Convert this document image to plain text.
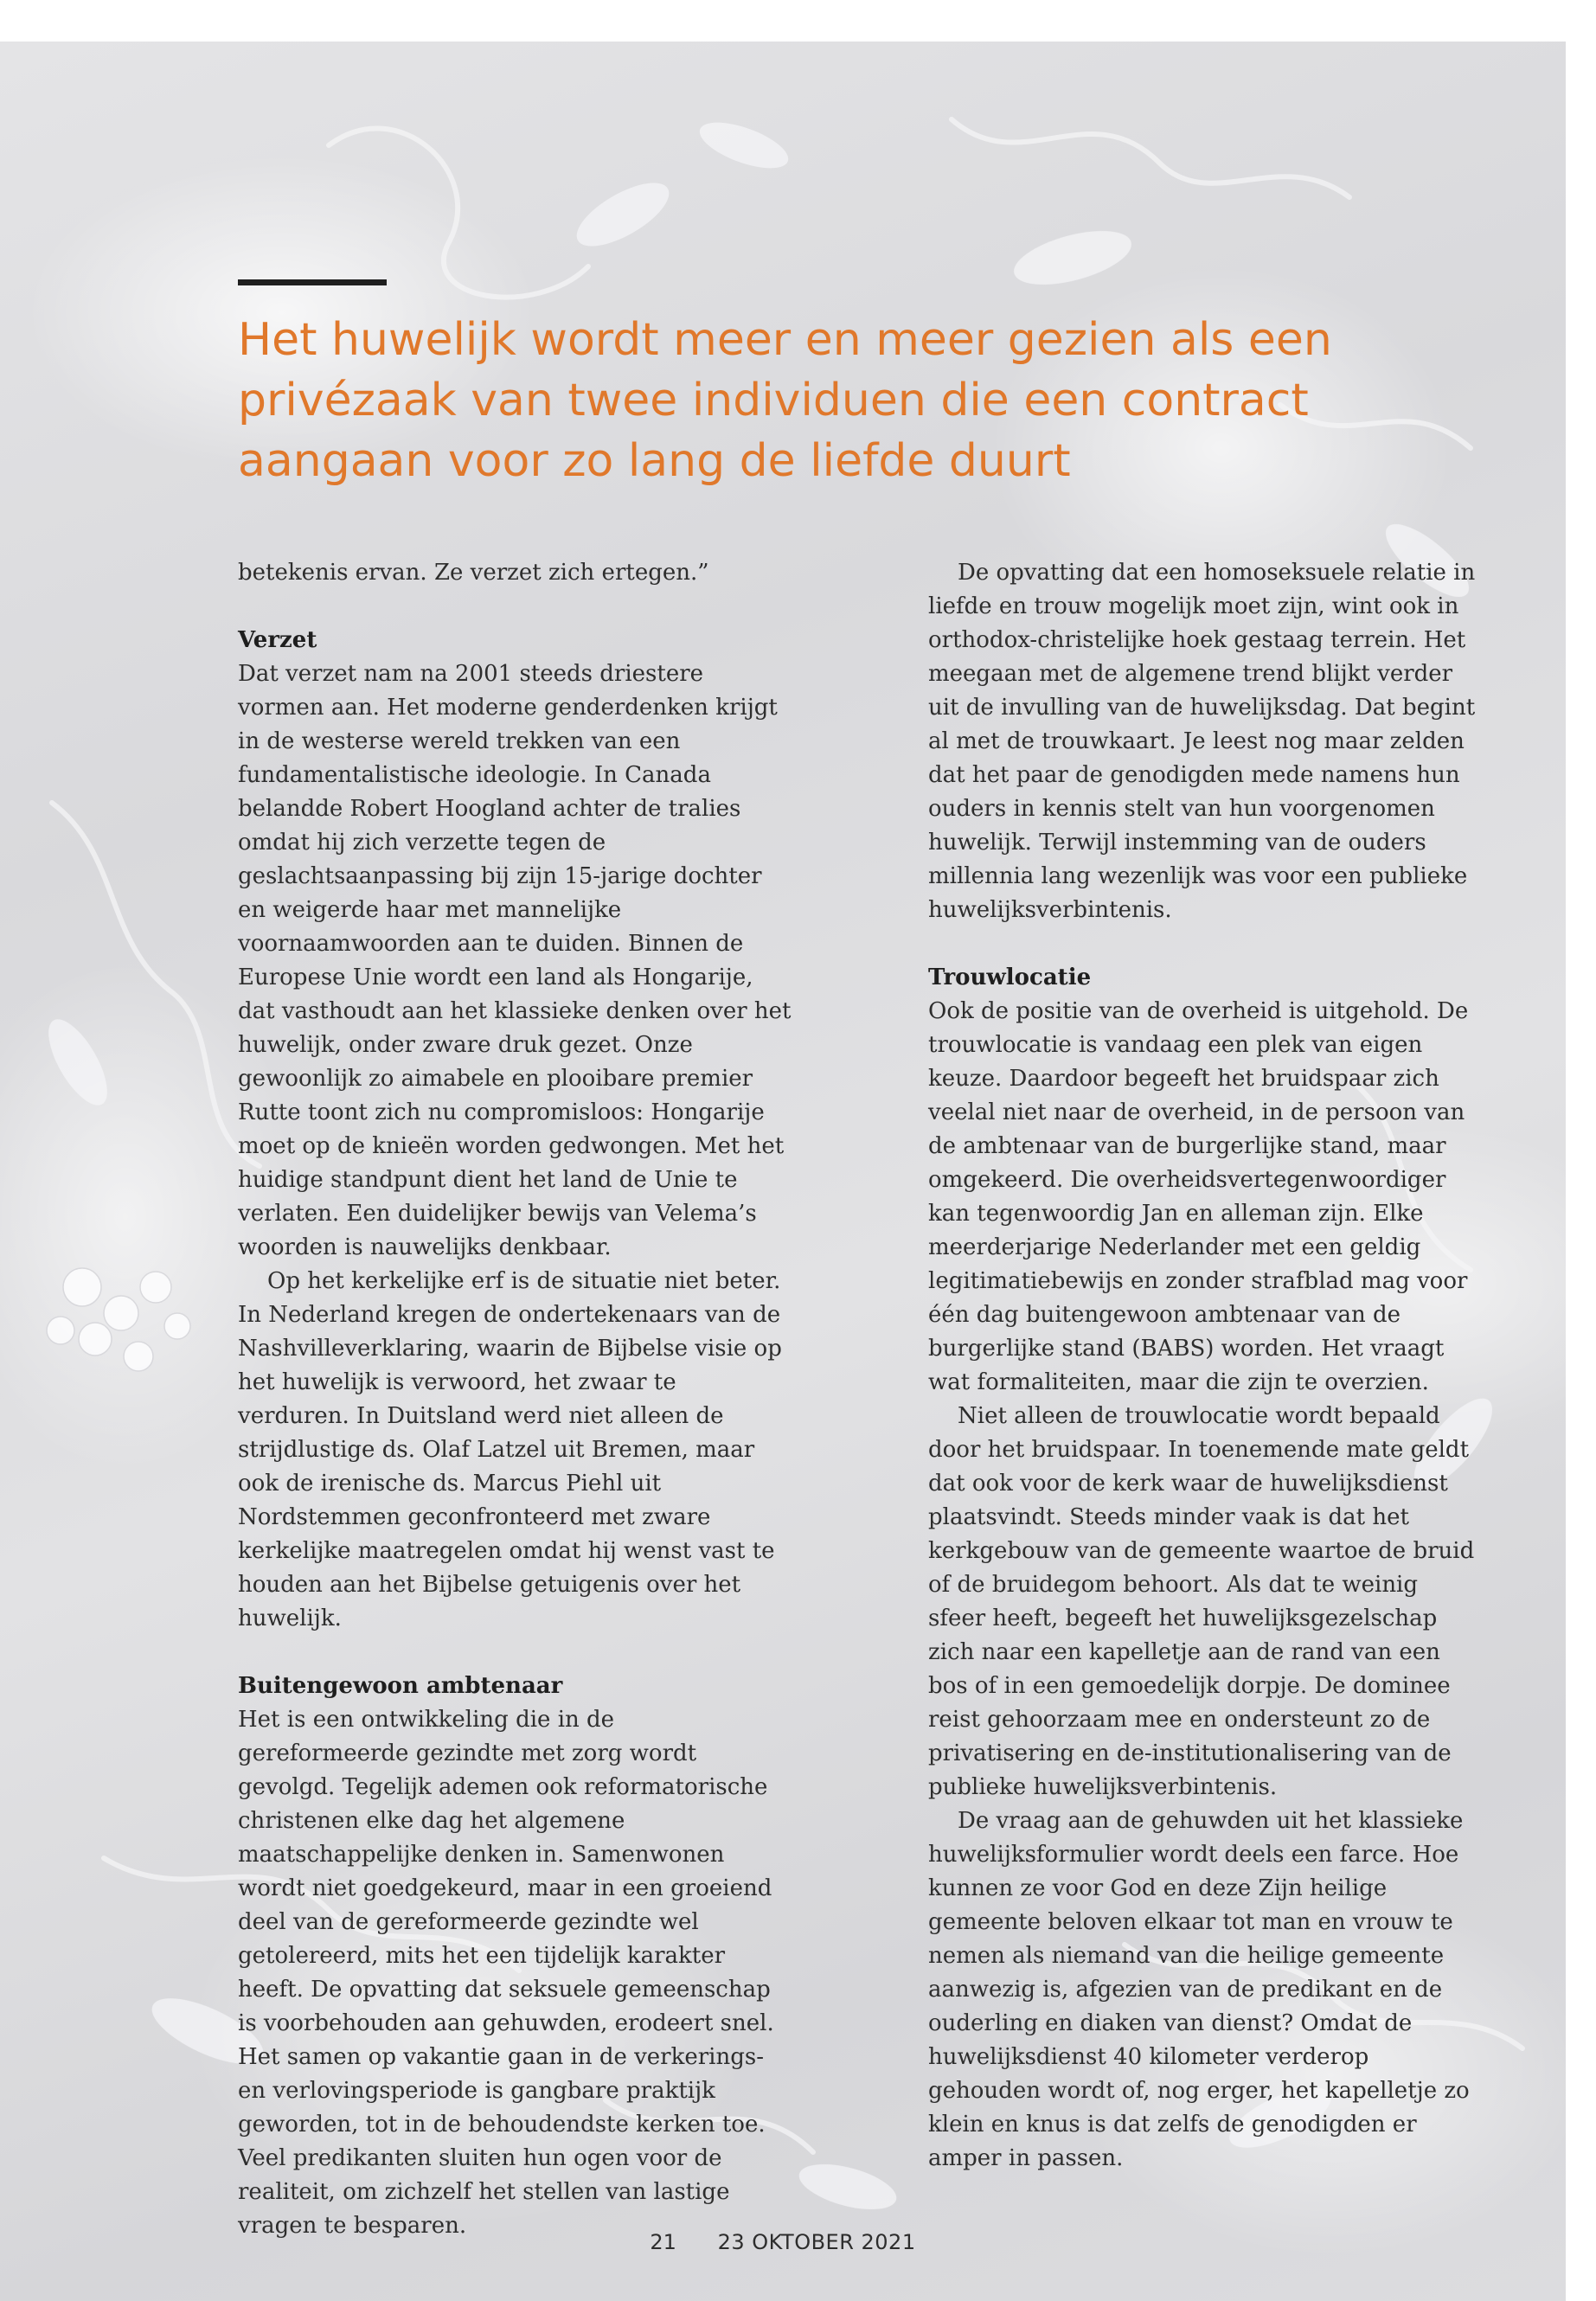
Het huwelijk wordt meer en meer gezien als een privézaak van twee individuen die een contract aangaan voor zo lang de liefde duurt

betekenis ervan. Ze verzet zich ertegen.”

Verzet

Dat verzet nam na 2001 steeds driestere vormen aan. Het moderne genderdenken krijgt in de westerse wereld trekken van een fundamentalistische ideologie. In Canada belandde Robert Hoogland achter de tralies omdat hij zich verzette tegen de geslachtsaanpassing bij zijn 15-jarige dochter en weigerde haar met mannelijke voornaamwoorden aan te duiden. Binnen de Europese Unie wordt een land als Hongarije, dat vasthoudt aan het klassieke denken over het huwelijk, onder zware druk gezet. Onze gewoonlijk zo aimabele en plooibare premier Rutte toont zich nu compromisloos: Hongarije moet op de knieën worden gedwongen. Met het huidige standpunt dient het land de Unie te verlaten. Een duidelijker bewijs van Velema’s woorden is nauwelijks denkbaar.

Op het kerkelijke erf is de situatie niet beter. In Nederland kregen de ondertekenaars van de Nashvilleverklaring, waarin de Bijbelse visie op het huwelijk is verwoord, het zwaar te verduren. In Duitsland werd niet alleen de strijdlustige ds. Olaf Latzel uit Bremen, maar ook de irenische ds. Marcus Piehl uit Nordstemmen geconfronteerd met zware kerkelijke maatregelen omdat hij wenst vast te houden aan het Bijbelse getuigenis over het huwelijk.

Buitengewoon ambtenaar

Het is een ontwikkeling die in de gereformeerde gezindte met zorg wordt gevolgd. Tegelijk ademen ook reformatorische christenen elke dag het algemene maatschappelijke denken in. Samenwonen wordt niet goedgekeurd, maar in een groeiend deel van de gereformeerde gezindte wel getolereerd, mits het een tijdelijk karakter heeft. De opvatting dat seksuele gemeenschap is voorbehouden aan gehuwden, erodeert snel. Het samen op vakantie gaan in de verkerings- en verlovingsperiode is gangbare praktijk geworden, tot in de behoudendste kerken toe. Veel predikanten sluiten hun ogen voor de realiteit, om zichzelf het stellen van lastige vragen te besparen.

De opvatting dat een homoseksuele relatie in liefde en trouw mogelijk moet zijn, wint ook in orthodox-christelijke hoek gestaag terrein. Het meegaan met de algemene trend blijkt verder uit de invulling van de huwelijksdag. Dat begint al met de trouwkaart. Je leest nog maar zelden dat het paar de genodigden mede namens hun ouders in kennis stelt van hun voorgenomen huwelijk. Terwijl instemming van de ouders millennia lang wezenlijk was voor een publieke huwelijksverbintenis.

Trouwlocatie

Ook de positie van de overheid is uitgehold. De trouwlocatie is vandaag een plek van eigen keuze. Daardoor begeeft het bruidspaar zich veelal niet naar de overheid, in de persoon van de ambtenaar van de burgerlijke stand, maar omgekeerd. Die overheidsvertegenwoordiger kan tegenwoordig Jan en alleman zijn. Elke meerderjarige Nederlander met een geldig legitimatiebewijs en zonder strafblad mag voor één dag buitengewoon ambtenaar van de burgerlijke stand (BABS) worden. Het vraagt wat formaliteiten, maar die zijn te overzien.

Niet alleen de trouwlocatie wordt bepaald door het bruidspaar. In toenemende mate geldt dat ook voor de kerk waar de huwelijksdienst plaatsvindt. Steeds minder vaak is dat het kerkgebouw van de gemeente waartoe de bruid of de bruidegom behoort. Als dat te weinig sfeer heeft, begeeft het huwelijksgezelschap zich naar een kapelletje aan de rand van een bos of in een gemoedelijk dorpje. De dominee reist gehoorzaam mee en ondersteunt zo de privatisering en de-institutionalisering van de publieke huwelijksverbintenis.

De vraag aan de gehuwden uit het klassieke huwelijksformulier wordt deels een farce. Hoe kunnen ze voor God en deze Zijn heilige gemeente beloven elkaar tot man en vrouw te nemen als niemand van die heilige gemeente aanwezig is, afgezien van de predikant en de ouderling en diaken van dienst? Omdat de huwelijksdienst 40 kilometer verderop gehouden wordt of, nog erger, het kapelletje zo klein en knus is dat zelfs de genodigden er amper in passen.

21 23 OKTOBER 2021
